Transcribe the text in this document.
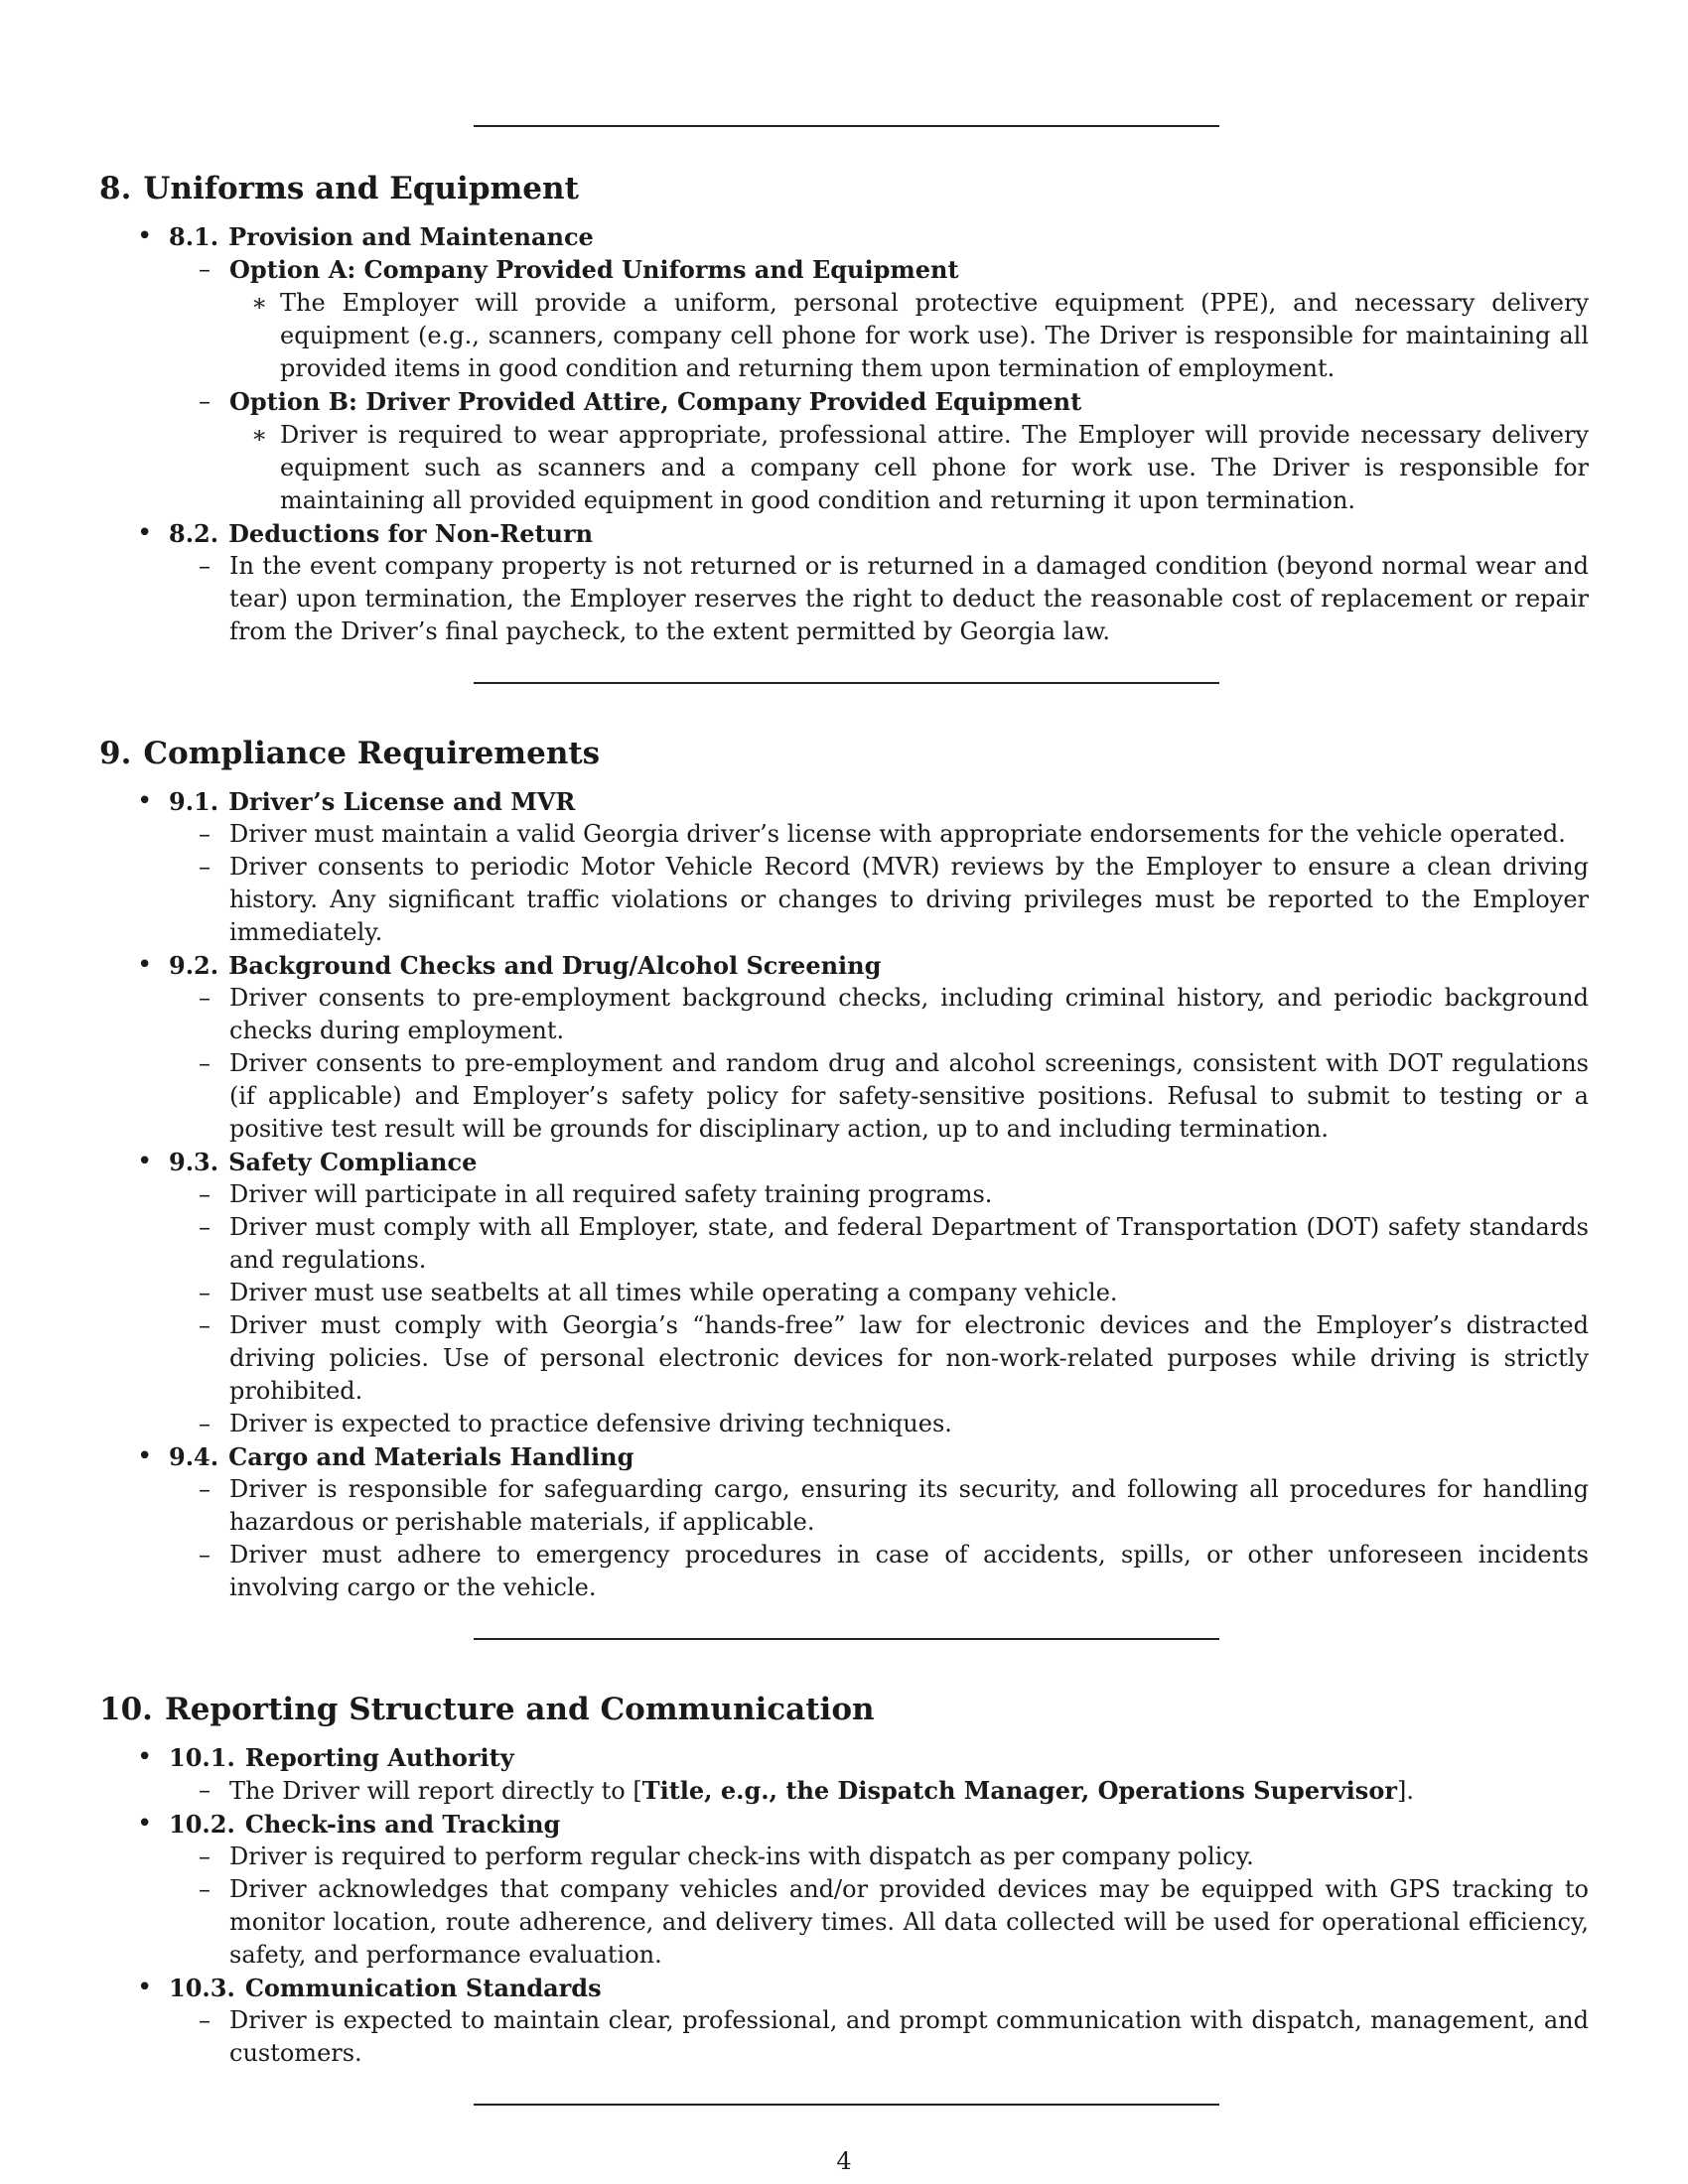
8. Uniforms and Equipment
• 8.1. Provision and Maintenance
– Option A: Company Provided Uniforms and Equipment
∗ The Employer will provide a uniform, personal protective equipment (PPE), and necessary delivery equipment (e.g., scanners, company cell phone for work use). The Driver is responsible for maintaining all provided items in good condition and returning them upon termination of employment.
– Option B: Driver Provided Attire, Company Provided Equipment
∗ Driver is required to wear appropriate, professional attire. The Employer will provide necessary delivery equipment such as scanners and a company cell phone for work use. The Driver is responsible for maintaining all provided equipment in good condition and returning it upon termination.
• 8.2. Deductions for Non-Return
– In the event company property is not returned or is returned in a damaged condition (beyond normal wear and tear) upon termination, the Employer reserves the right to deduct the reasonable cost of replacement or repair from the Driver’s final paycheck, to the extent permitted by Georgia law.
9. Compliance Requirements
• 9.1. Driver’s License and MVR
– Driver must maintain a valid Georgia driver’s license with appropriate endorsements for the vehicle operated.
– Driver consents to periodic Motor Vehicle Record (MVR) reviews by the Employer to ensure a clean driving history. Any significant traffic violations or changes to driving privileges must be reported to the Employer immediately.
• 9.2. Background Checks and Drug/Alcohol Screening
– Driver consents to pre-employment background checks, including criminal history, and periodic background checks during employment.
– Driver consents to pre-employment and random drug and alcohol screenings, consistent with DOT regulations (if applicable) and Employer’s safety policy for safety-sensitive positions. Refusal to submit to testing or a positive test result will be grounds for disciplinary action, up to and including termination.
• 9.3. Safety Compliance
– Driver will participate in all required safety training programs.
– Driver must comply with all Employer, state, and federal Department of Transportation (DOT) safety standards and regulations.
– Driver must use seatbelts at all times while operating a company vehicle.
– Driver must comply with Georgia’s “hands-free” law for electronic devices and the Employer’s distracted driving policies. Use of personal electronic devices for non-work-related purposes while driving is strictly prohibited.
– Driver is expected to practice defensive driving techniques.
• 9.4. Cargo and Materials Handling
– Driver is responsible for safeguarding cargo, ensuring its security, and following all procedures for handling hazardous or perishable materials, if applicable.
– Driver must adhere to emergency procedures in case of accidents, spills, or other unforeseen incidents involving cargo or the vehicle.
10. Reporting Structure and Communication
• 10.1. Reporting Authority
– The Driver will report directly to [Title, e.g., the Dispatch Manager, Operations Supervisor].
• 10.2. Check-ins and Tracking
– Driver is required to perform regular check-ins with dispatch as per company policy.
– Driver acknowledges that company vehicles and/or provided devices may be equipped with GPS tracking to monitor location, route adherence, and delivery times. All data collected will be used for operational efficiency, safety, and performance evaluation.
• 10.3. Communication Standards
– Driver is expected to maintain clear, professional, and prompt communication with dispatch, management, and customers.
4
